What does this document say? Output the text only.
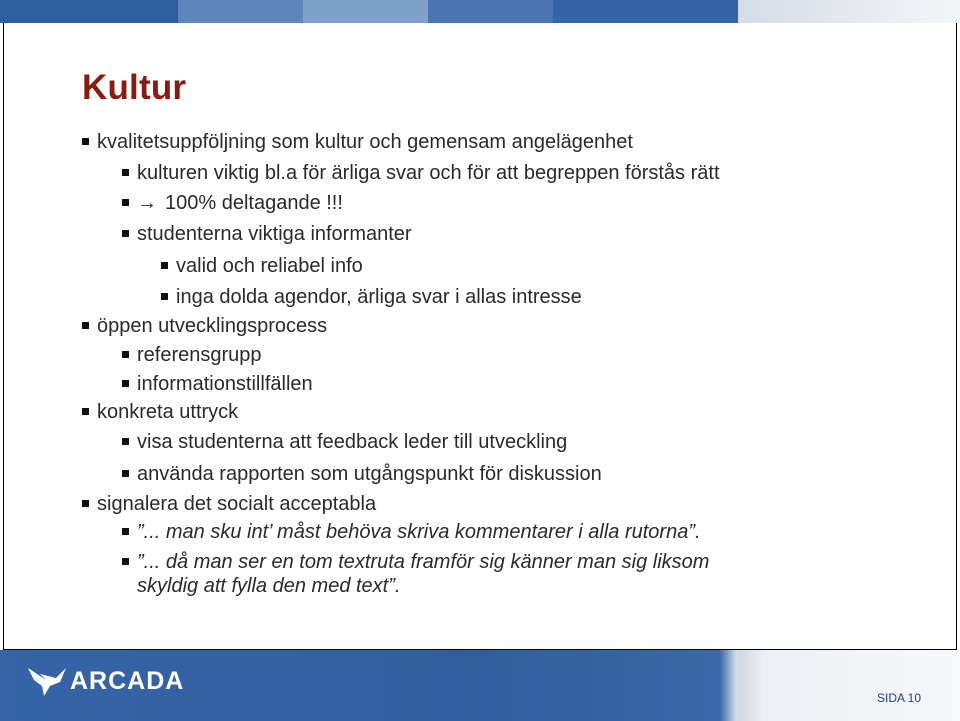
Kultur
kvalitetsuppföljning som kultur och gemensam angelägenhet
kulturen viktig bl.a för ärliga svar och för att begreppen förstås rätt
→ 100% deltagande !!!
studenterna viktiga informanter
valid och reliabel info
inga dolda agendor, ärliga svar i allas intresse
öppen utvecklingsprocess
referensgrupp
informationstillfällen
konkreta uttryck
visa studenterna att feedback leder till utveckling
använda rapporten som utgångspunkt för diskussion
signalera det socialt acceptabla
”... man sku int’ måst behöva skriva kommentarer i alla rutorna”.
”... då man ser en tom textruta framför sig känner man sig liksom
skyldig att fylla den med text”.
ARCADA
SIDA 10
